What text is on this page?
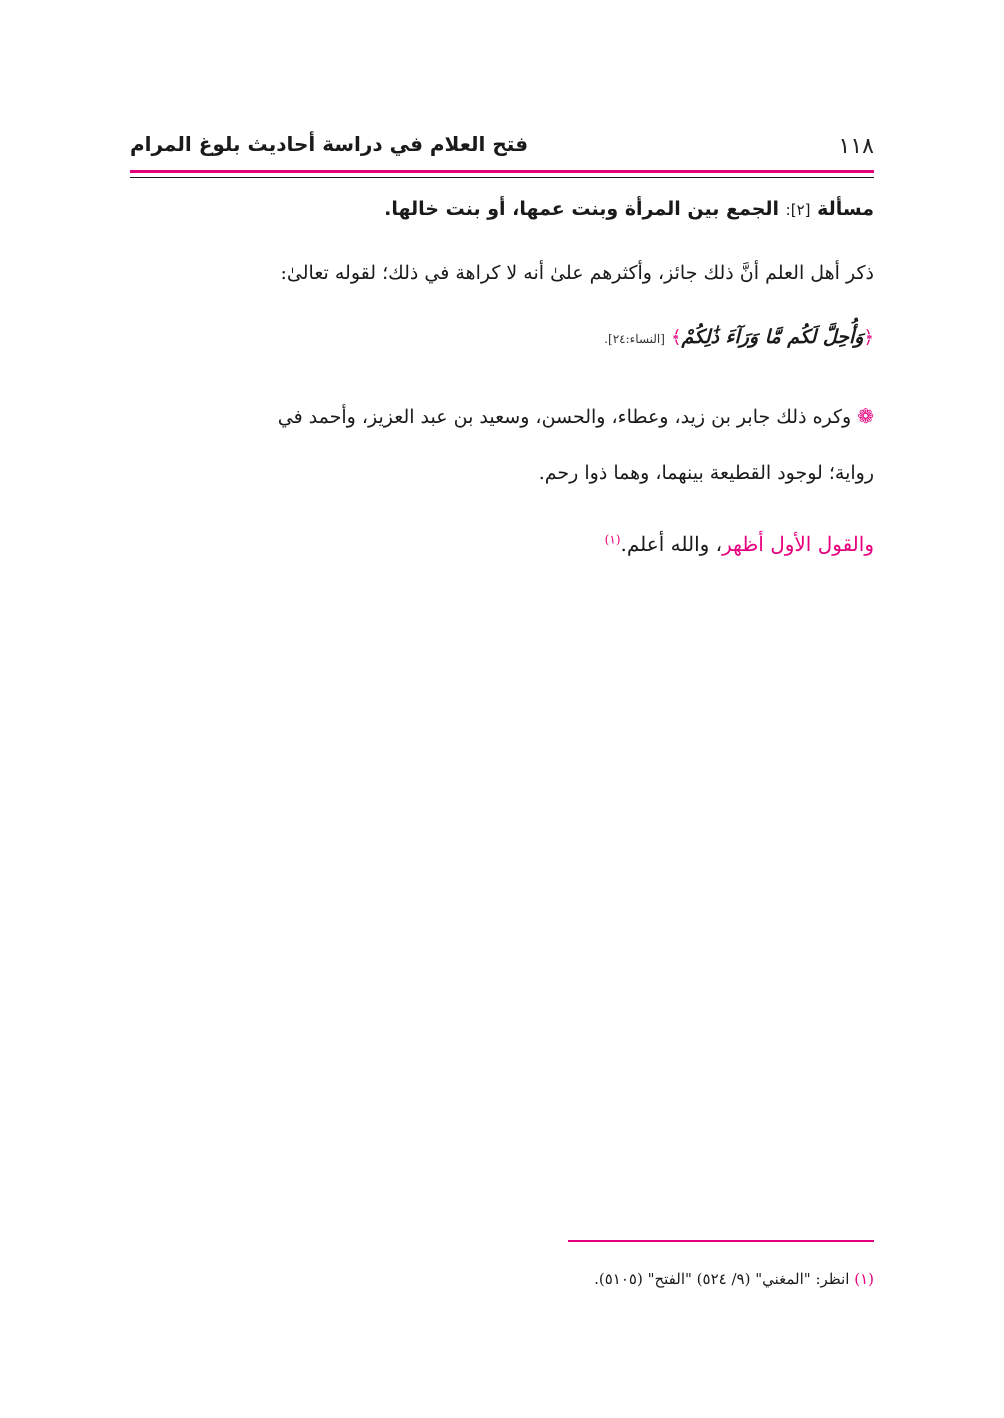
١١٨
فتح العلام في دراسة أحاديث بلوغ المرام
مسألة [٢]: الجمع بين المرأة وبنت عمها، أو بنت خالها.
ذكر أهل العلم أنَّ ذلك جائز، وأكثرهم علىٰ أنه لا كراهة في ذلك؛ لقوله تعالىٰ:
﴿وَأُحِلَّ لَكُم مَّا وَرَآءَ ذَٰلِكُمْ﴾ [النساء:٢٤].
❁وكره ذلك جابر بن زيد، وعطاء، والحسن، وسعيد بن عبد العزيز، وأحمد في
رواية؛ لوجود القطيعة بينهما، وهما ذوا رحم.
والقول الأول أظهر، والله أعلم.$^{(١)}$
(١) انظر: "المغني" (٩/ ٥٢٤) "الفتح" (٥١٠٥).
